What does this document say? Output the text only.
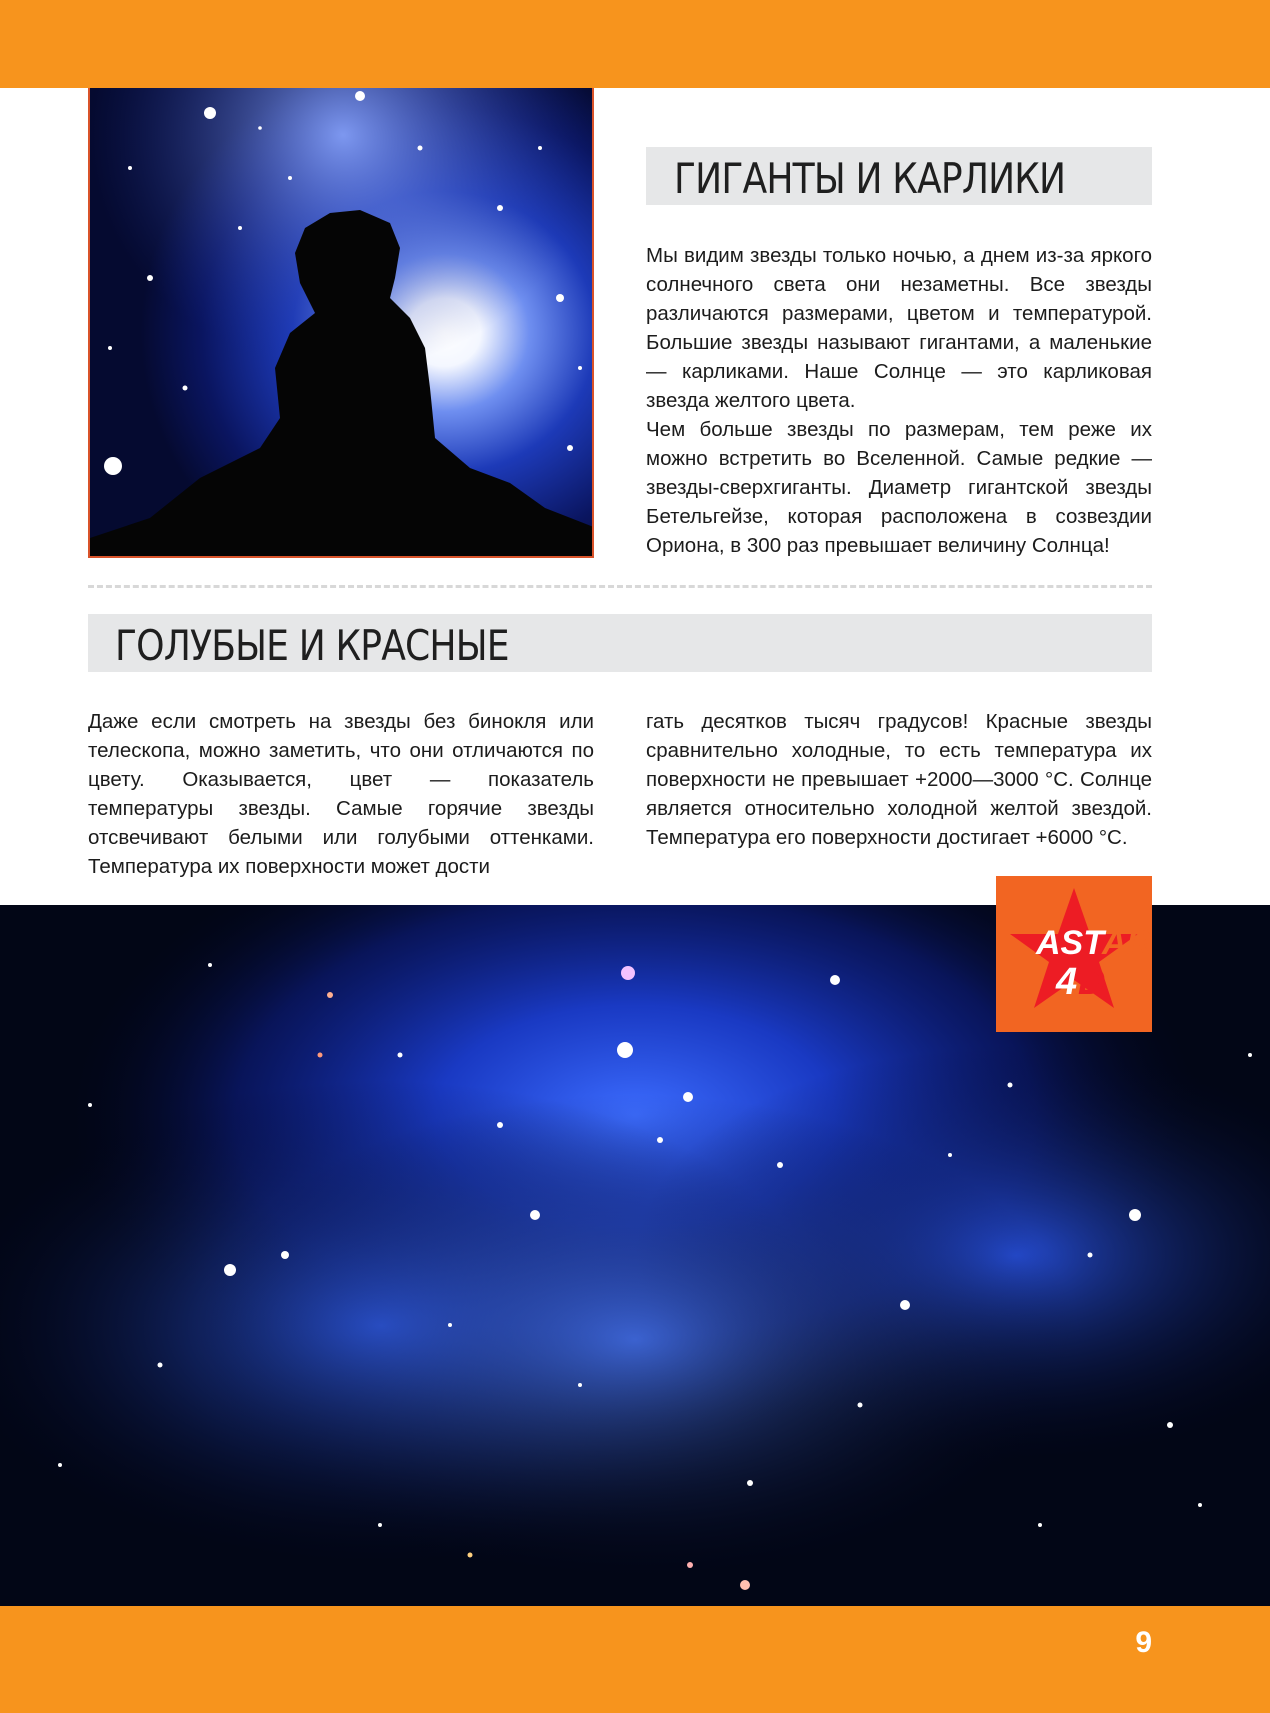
ГИГАНТЫ И КАРЛИКИ

Мы видим звезды только ночью, а днем из-за яркого солнечного света они незаметны. Все звезды различаются размерами, цветом и температурой. Большие звезды называют гигантами, а маленькие — карликами. Наше Солнце — это карликовая звезда желтого цвета.

Чем больше звезды по размерам, тем реже их можно встретить во Вселенной. Самые редкие — звезды-сверхгиганты. Диаметр гигантской звезды Бетельгейзе, которая расположена в созвездии Ориона, в 300 раз превышает величину Солнца!

ГОЛУБЫЕ И КРАСНЫЕ

Даже если смотреть на звезды без бинокля или телескопа, можно заметить, что они отличаются по цвету. Оказывается, цвет — показатель температуры звезды. Самые горячие звезды отсвечивают белыми или голубыми оттенками. Температура их поверхности может дости

гать десятков тысяч градусов! Красные звезды сравнительно холодные, то есть температура их поверхности не превышает +2000—3000 °С. Солнце является относительно холодной желтой звездой. Температура его поверхности достигает +6000 °С.

AST
AR
4 D
9
